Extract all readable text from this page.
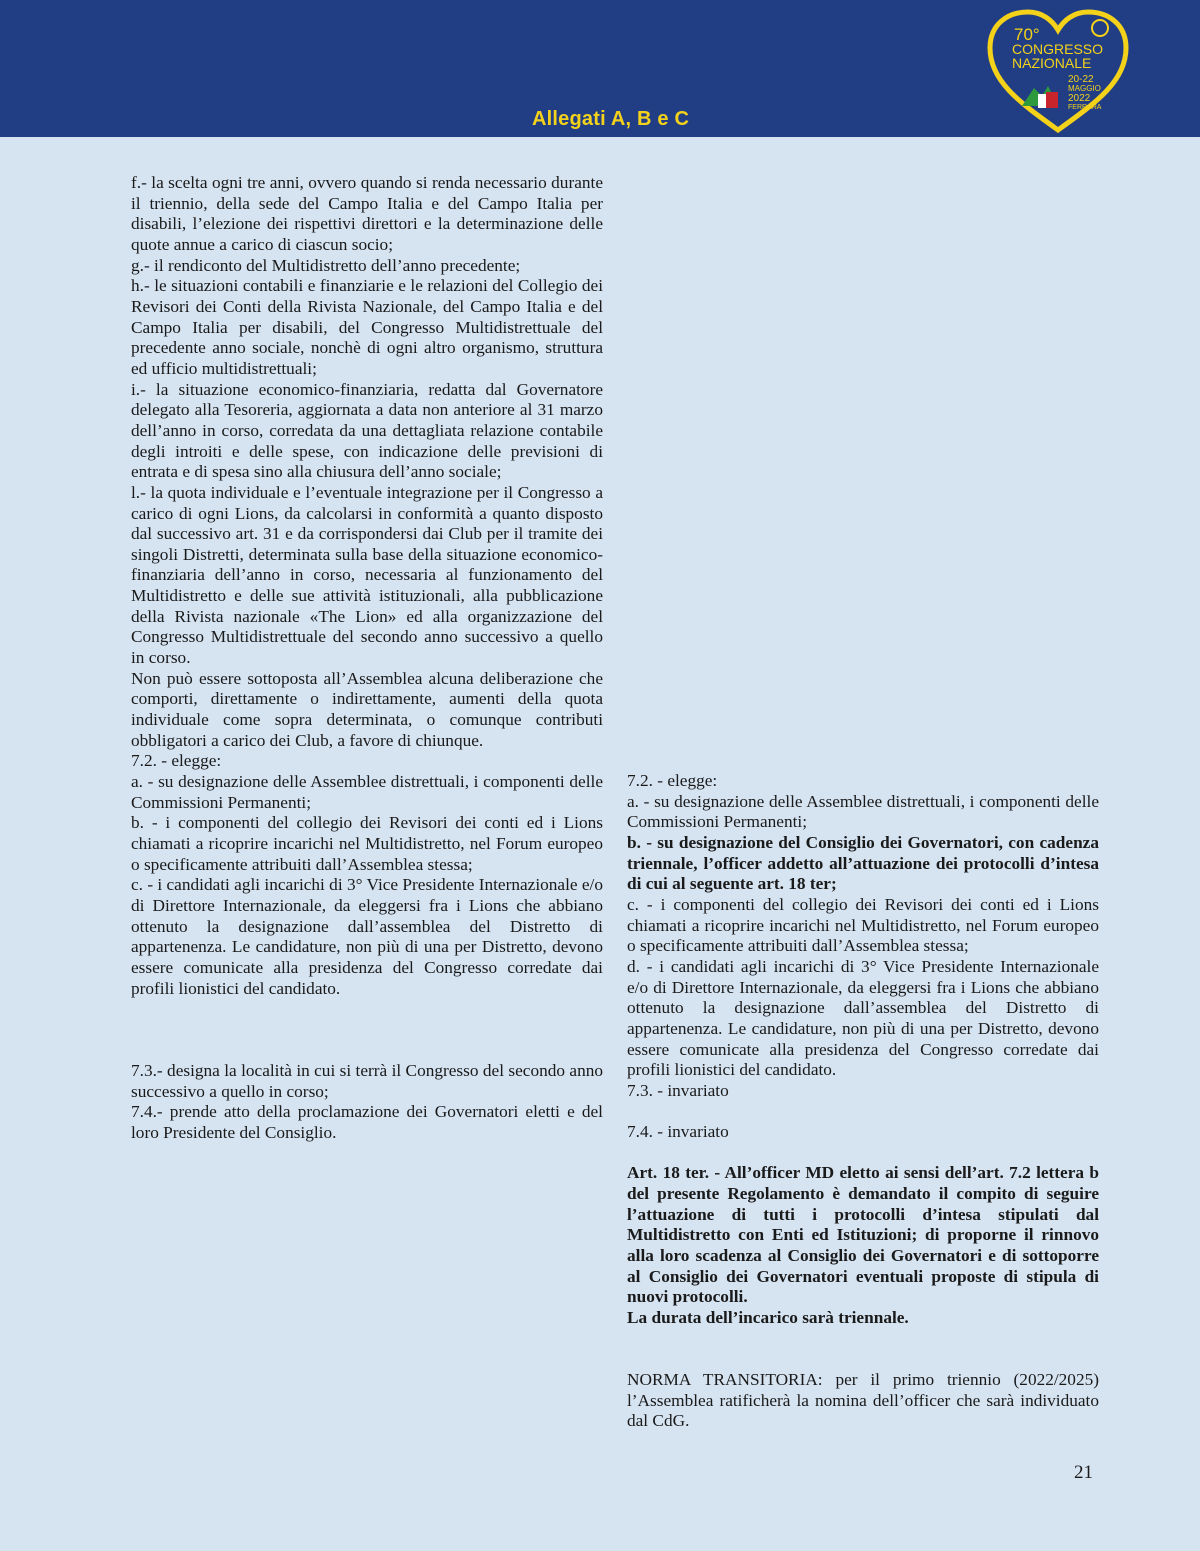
Allegati A, B e C
70°
CONGRESSO
NAZIONALE
20-22
MAGGIO
2022
FERRARA

f.- la scelta ogni tre anni, ovvero quando si renda necessario durante il triennio, della sede del Campo Italia e del Campo Italia per disabili, l’elezione dei rispettivi direttori e la determinazione delle quote annue a carico di ciascun socio;

g.- il rendiconto del Multidistretto dell’anno precedente;

h.- le situazioni contabili e finanziarie e le relazioni del Collegio dei Revisori dei Conti della Rivista Nazionale, del Campo Italia e del Campo Italia per disabili, del Congresso Multidistrettuale del precedente anno sociale, nonchè di ogni altro organismo, struttura ed ufficio multidistrettuali;

i.- la situazione economico-finanziaria, redatta dal Governatore delegato alla Tesoreria, aggiornata a data non anteriore al 31 marzo dell’anno in corso, corredata da una dettagliata relazione contabile degli introiti e delle spese, con indicazione delle previsioni di entrata e di spesa sino alla chiusura dell’anno sociale;

l.- la quota individuale e l’eventuale integrazione per il Congresso a carico di ogni Lions, da calcolarsi in conformità a quanto disposto dal successivo art. 31 e da corrispondersi dai Club per il tramite dei singoli Distretti, determinata sulla base della situazione economico-finanziaria dell’anno in corso, necessaria al funzionamento del Multidistretto e delle sue attività istituzionali, alla pubblicazione della Rivista nazionale «The Lion» ed alla organizzazione del Congresso Multidistrettuale del secondo anno successivo a quello in corso.

Non può essere sottoposta all’Assemblea alcuna deliberazione che comporti, direttamente o indirettamente, aumenti della quota individuale come sopra determinata, o comunque contributi obbligatori a carico dei Club, a favore di chiunque.

7.2. - elegge:

a. - su designazione delle Assemblee distrettuali, i componenti delle Commissioni Permanenti;

b. - i componenti del collegio dei Revisori dei conti ed i Lions chiamati a ricoprire incarichi nel Multidistretto, nel Forum europeo o specificamente attribuiti dall’Assemblea stessa;

c. - i candidati agli incarichi di 3° Vice Presidente Internazionale e/o di Direttore Internazionale, da eleggersi fra i Lions che abbiano ottenuto la designazione dall’assemblea del Distretto di appartenenza. Le candidature, non più di una per Distretto, devono essere comunicate alla presidenza del Congresso corredate dai profili lionistici del candidato.

7.3.- designa la località in cui si terrà il Congresso del secondo anno successivo a quello in corso;

7.4.- prende atto della proclamazione dei Governatori eletti e del loro Presidente del Consiglio.

7.2. - elegge:

a. - su designazione delle Assemblee distrettuali, i componenti delle Commissioni Permanenti;

b. - su designazione del Consiglio dei Governatori, con cadenza triennale, l’officer addetto all’attuazione dei protocolli d’intesa di cui al seguente art. 18 ter;

c. - i componenti del collegio dei Revisori dei conti ed i Lions chiamati a ricoprire incarichi nel Multidistretto, nel Forum europeo o specificamente attribuiti dall’Assemblea stessa;

d. - i candidati agli incarichi di 3° Vice Presidente Internazionale e/o di Direttore Internazionale, da eleggersi fra i Lions che abbiano ottenuto la designazione dall’assemblea del Distretto di appartenenza. Le candidature, non più di una per Distretto, devono essere comunicate alla presidenza del Congresso corredate dai profili lionistici del candidato.

7.3. - invariato

7.4. - invariato

Art. 18 ter. - All’officer MD eletto ai sensi dell’art. 7.2 lettera b del presente Regolamento è demandato il compito di seguire l’attuazione di tutti i protocolli d’intesa stipulati dal Multidistretto con Enti ed Istituzioni; di proporne il rinnovo alla loro scadenza al Consiglio dei Governatori e di sottoporre al Consiglio dei Governatori eventuali proposte di stipula di nuovi protocolli.

La durata dell’incarico sarà triennale.

NORMA TRANSITORIA: per il primo triennio (2022/2025) l’Assemblea ratificherà la nomina dell’officer che sarà individuato dal CdG.

21
